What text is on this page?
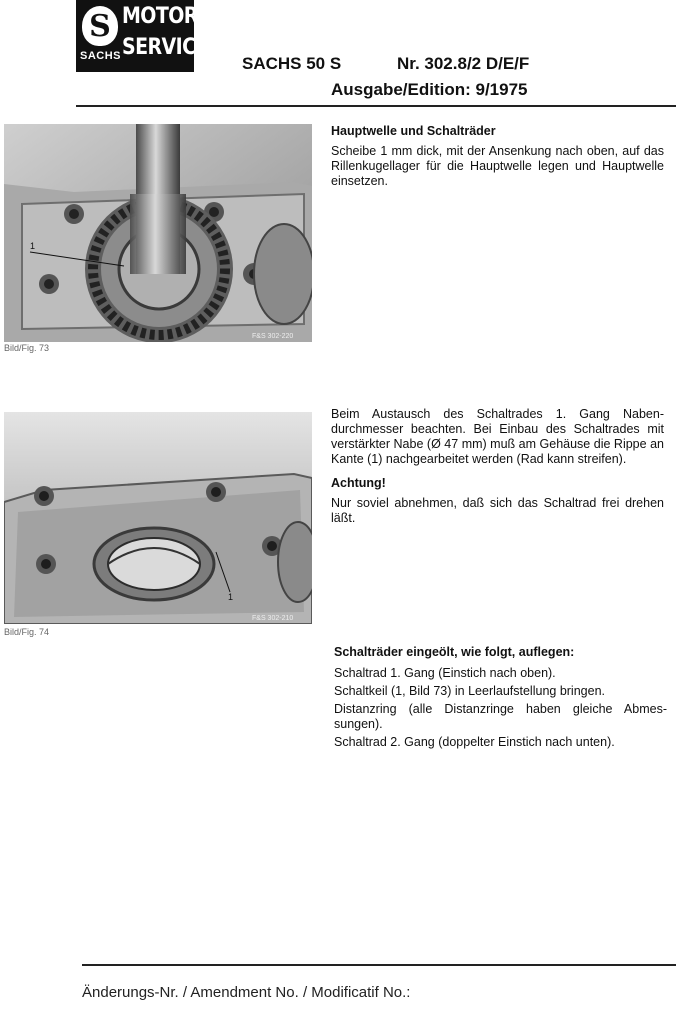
S
SACHS
MOTOR-
SERVICE
SACHS 50 S	Nr. 302.8/2 D/E/F
Ausgabe/Edition: 9/1975
1
F&S 302-220
Bild/Fig. 73

Hauptwelle und Schalträder

Scheibe 1 mm dick, mit der Ansenkung nach oben, auf das Rillenkugellager für die Hauptwelle legen und Hauptwelle einsetzen.

1
F&S 302-210
Bild/Fig. 74

Beim Austausch des Schaltrades 1. Gang Nabendurchmesser beachten. Bei Einbau des Schaltrades mit verstärkter Nabe (Ø 47 mm) muß am Gehäuse die Rippe an Kante (1) nachgearbeitet werden (Rad kann streifen).

Achtung!

Nur soviel abnehmen, daß sich das Schaltrad frei drehen läßt.

Schalträder eingeölt, wie folgt, auflegen:

Schaltrad 1. Gang (Einstich nach oben).

Schaltkeil (1, Bild 73) in Leerlaufstellung bringen.

Distanzring (alle Distanzringe haben gleiche Abmessungen).

Schaltrad 2. Gang (doppelter Einstich nach unten).

Änderungs-Nr. / Amendment No. / Modificatif No.:
